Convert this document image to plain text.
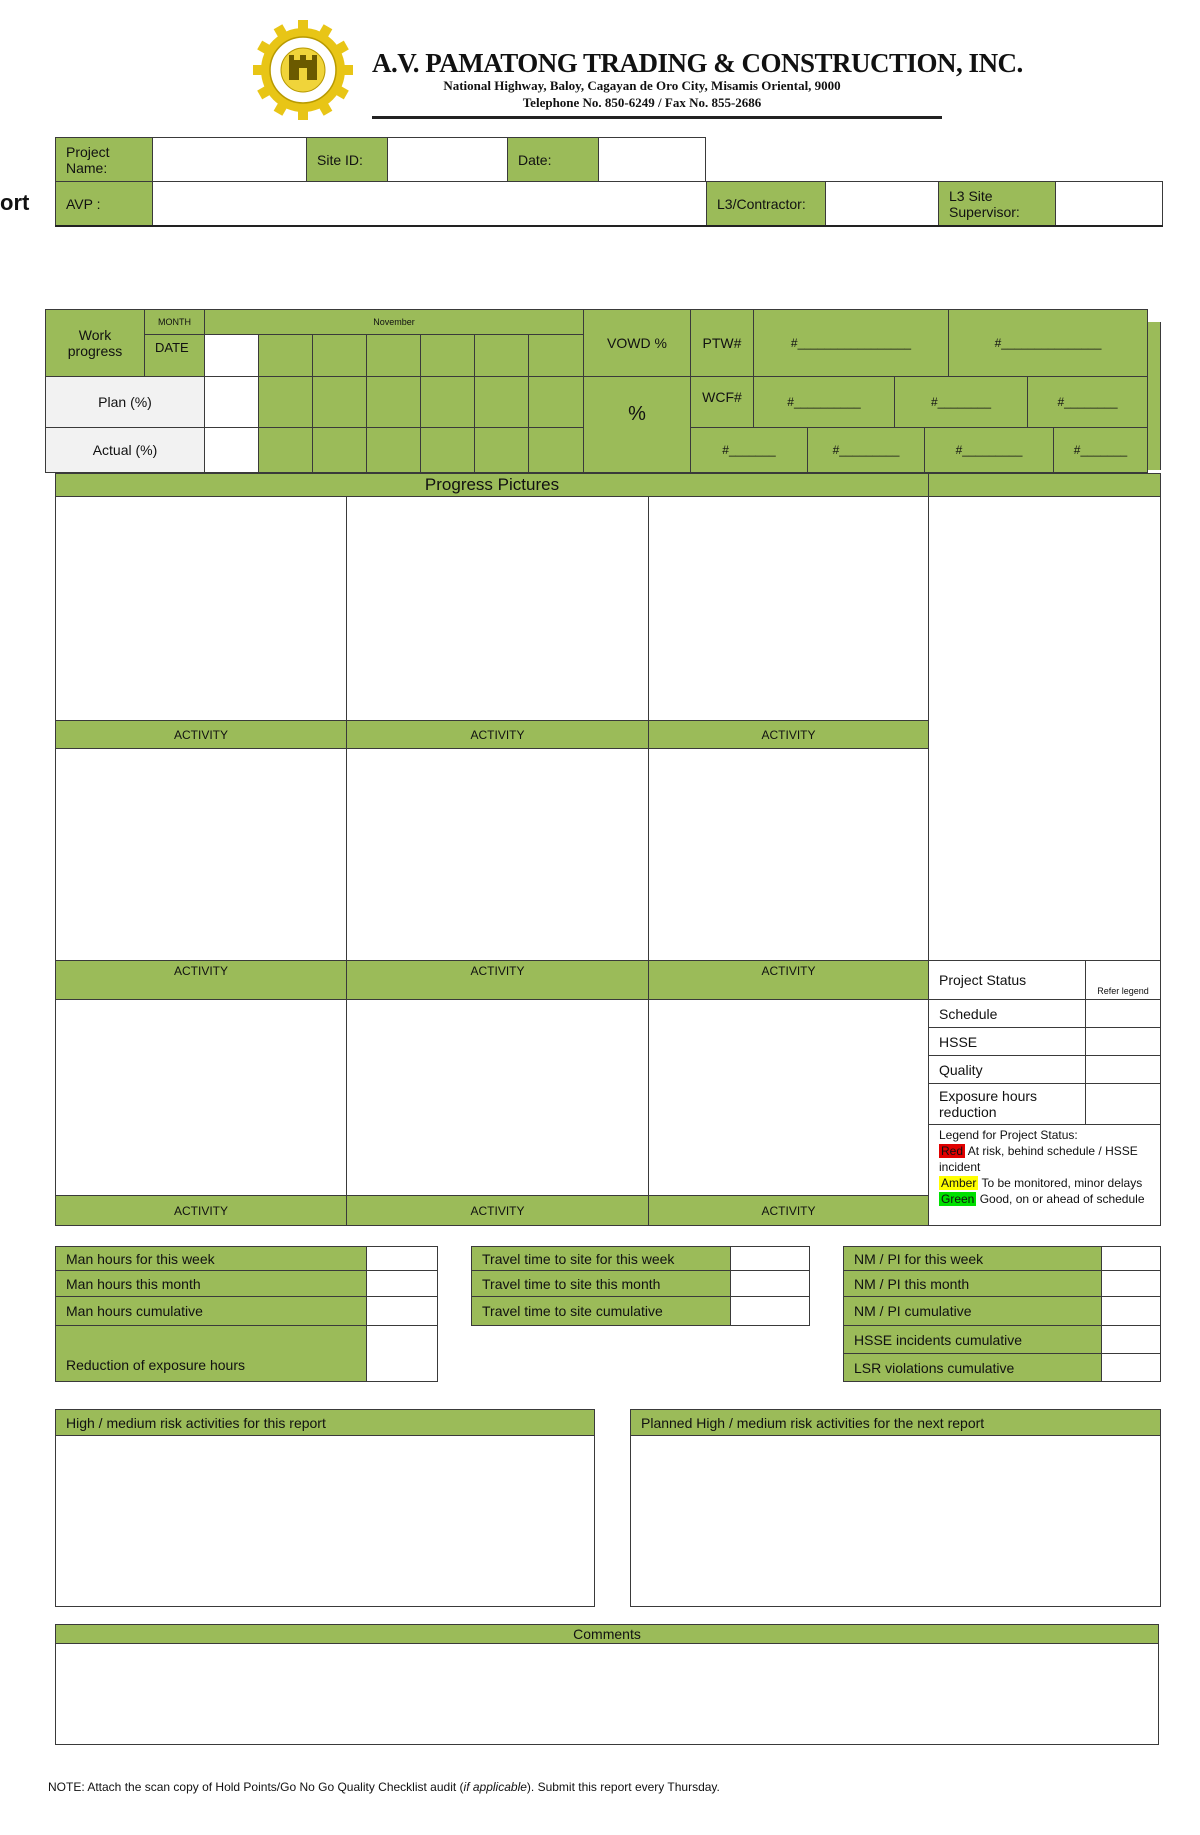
A.V. PAMATONG TRADING & CONSTRUCTION, INC.
National Highway, Baloy, Cagayan de Oro City, Misamis Oriental, 9000
Telephone No. 850-6249 / Fax No. 855-2686
ort
Project Name:	Site ID:	Date:
AVP :	L3/Contractor:	L3 Site Supervisor:
Work progress
MONTH	November
DATE
Plan (%)
Actual (%)
VOWD %
%
PTW#	#_________________	#_______________
WCF#	#__________	#________	#________
#_______	#_________	#_________	#_______
Progress Pictures
ACTIVITY	ACTIVITY	ACTIVITY
ACTIVITY	ACTIVITY	ACTIVITY
ACTIVITY	ACTIVITY	ACTIVITY
Project Status
Refer legend
Schedule
HSSE
Quality
Exposure hours reduction
Legend for Project Status:
Red At risk, behind schedule / HSSE incident
Amber To be monitored, minor delays
Green Good, on or ahead of schedule
Man hours for this week
Man hours this month
Man hours cumulative
Reduction of exposure hours
Travel time to site for this week
Travel time to site this month
Travel time to site cumulative
NM / PI for this week
NM / PI this month
NM / PI cumulative
HSSE incidents cumulative
LSR violations cumulative
High / medium risk activities for this report	Planned High / medium risk activities for the next report
Comments
NOTE: Attach the scan copy of Hold Points/Go No Go Quality Checklist audit (if applicable). Submit this report every Thursday.
